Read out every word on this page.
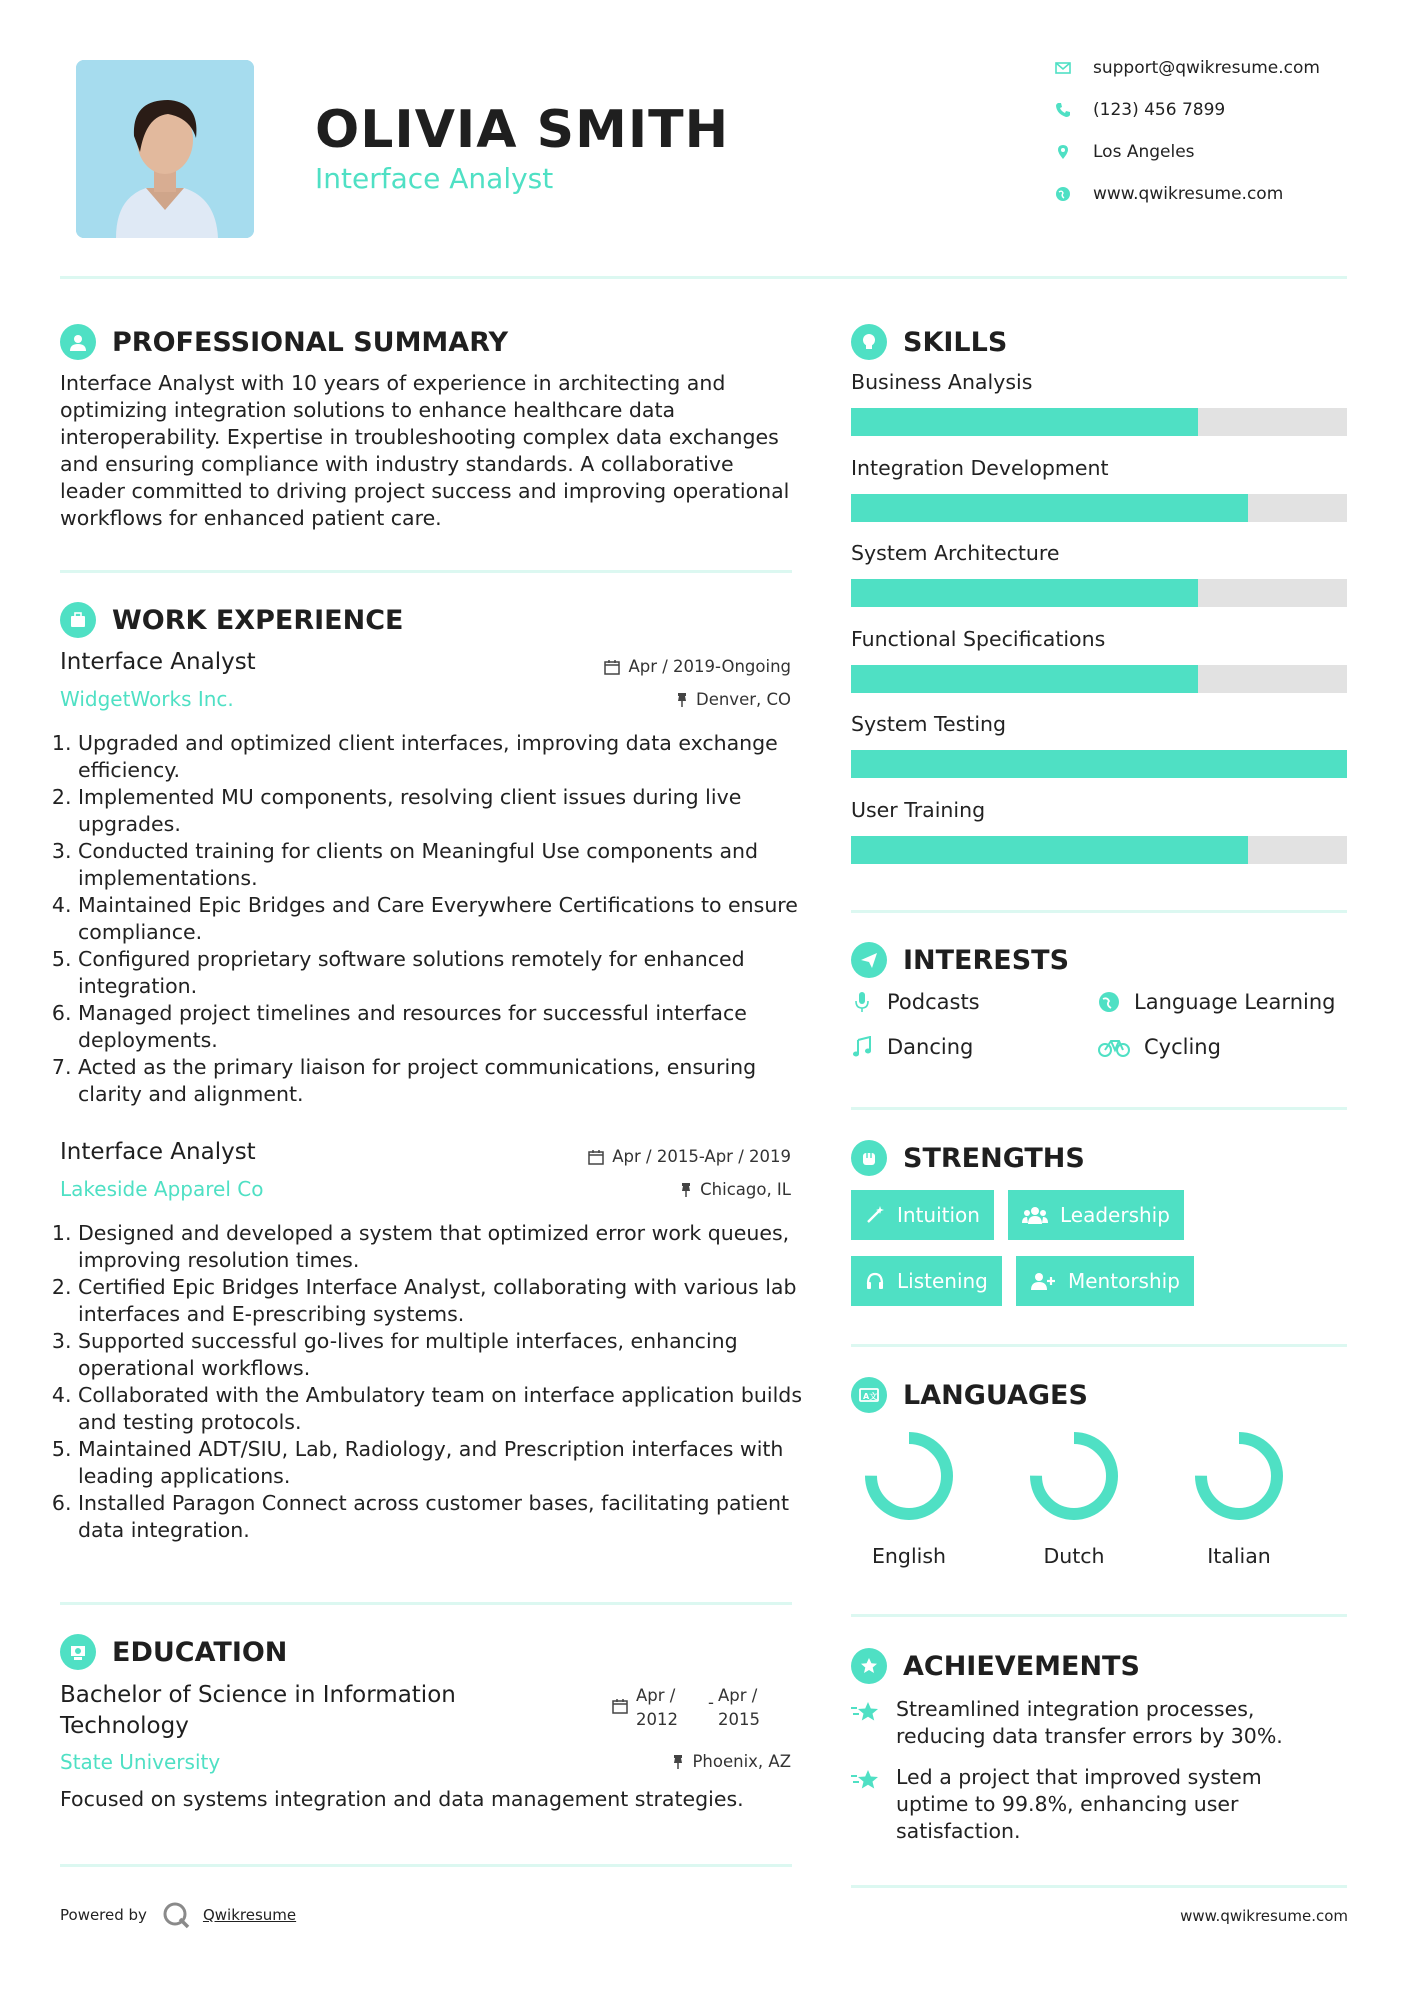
OLIVIA SMITH
Interface Analyst
support@qwikresume.com
(123) 456 7899
Los Angeles
www.qwikresume.com
PROFESSIONAL SUMMARY
Interface Analyst with 10 years of experience in architecting and optimizing integration solutions to enhance healthcare data interoperability. Expertise in troubleshooting complex data exchanges and ensuring compliance with industry standards. A collaborative leader committed to driving project success and improving operational workflows for enhanced patient care.
WORK EXPERIENCE
Interface Analyst	Apr / 2019-Ongoing
WidgetWorks Inc.	Denver, CO
1. Upgraded and optimized client interfaces, improving data exchange efficiency.
2. Implemented MU components, resolving client issues during live upgrades.
3. Conducted training for clients on Meaningful Use components and implementations.
4. Maintained Epic Bridges and Care Everywhere Certifications to ensure compliance.
5. Configured proprietary software solutions remotely for enhanced integration.
6. Managed project timelines and resources for successful interface deployments.
7. Acted as the primary liaison for project communications, ensuring clarity and alignment.
Interface Analyst	Apr / 2015-Apr / 2019
Lakeside Apparel Co	Chicago, IL
1. Designed and developed a system that optimized error work queues, improving resolution times.
2. Certified Epic Bridges Interface Analyst, collaborating with various lab interfaces and E-prescribing systems.
3. Supported successful go-lives for multiple interfaces, enhancing operational workflows.
4. Collaborated with the Ambulatory team on interface application builds and testing protocols.
5. Maintained ADT/SIU, Lab, Radiology, and Prescription interfaces with leading applications.
6. Installed Paragon Connect across customer bases, facilitating patient data integration.
EDUCATION
Bachelor of Science in Information Technology
Apr /
2012
- Apr /
2015
State University	Phoenix, AZ
Focused on systems integration and data management strategies.
SKILLS
Business Analysis
Integration Development
System Architecture
Functional Specifications
System Testing
User Training
INTERESTS
Podcasts	Language Learning
Dancing	Cycling
STRENGTHS
Intuition	Leadership
Listening	Mentorship
A文 LANGUAGES
English	Dutch	Italian
ACHIEVEMENTS
Streamlined integration processes, reducing data transfer errors by 30%.
Led a project that improved system uptime to 99.8%, enhancing user satisfaction.
Powered by	Qwikresume	www.qwikresume.com
